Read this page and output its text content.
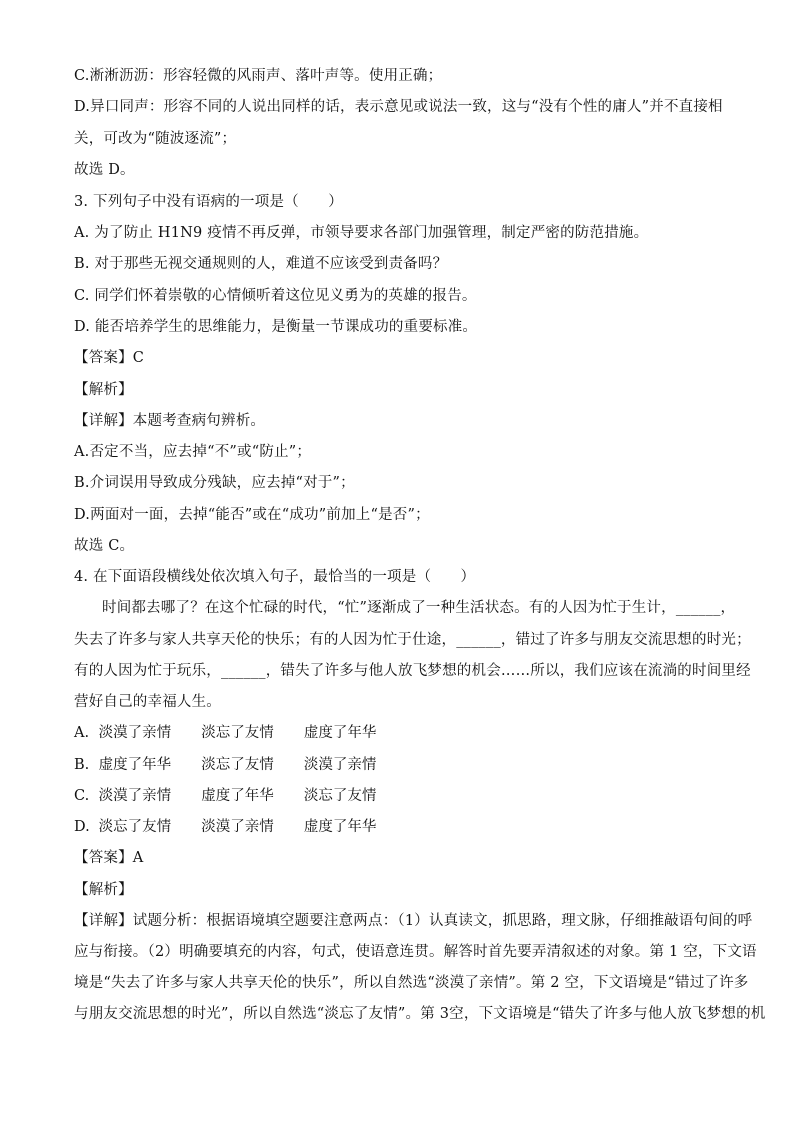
C.淅淅沥沥：形容轻微的风雨声、落叶声等。使用正确；
D.异口同声：形容不同的人说出同样的话，表示意见或说法一致，这与“没有个性的庸人”并不直接相
关，可改为“随波逐流”；
故选 D。
3. 下列句子中没有语病的一项是（　　）
A. 为了防止 H1N9 疫情不再反弹，市领导要求各部门加强管理，制定严密的防范措施。
B. 对于那些无视交通规则的人，难道不应该受到责备吗？
C. 同学们怀着崇敬的心情倾听着这位见义勇为的英雄的报告。
D. 能否培养学生的思维能力，是衡量一节课成功的重要标准。
【答案】C
【解析】
【详解】本题考查病句辨析。
A.否定不当，应去掉“不”或“防止”；
B.介词误用导致成分残缺，应去掉“对于”；
D.两面对一面，去掉“能否”或在“成功”前加上“是否”；
故选 C。
4. 在下面语段横线处依次填入句子，最恰当的一项是（　　）
时间都去哪了？在这个忙碌的时代，“忙”逐渐成了一种生活状态。有的人因为忙于生计，______，
失去了许多与家人共享天伦的快乐；有的人因为忙于仕途，______，错过了许多与朋友交流思想的时光；
有的人因为忙于玩乐，______，错失了许多与他人放飞梦想的机会……所以，我们应该在流淌的时间里经
营好自己的幸福人生。
A. 淡漠了亲情 淡忘了友情 虚度了年华
B. 虚度了年华 淡忘了友情 淡漠了亲情
C. 淡漠了亲情 虚度了年华 淡忘了友情
D. 淡忘了友情 淡漠了亲情 虚度了年华
【答案】A
【解析】
【详解】试题分析：根据语境填空题要注意两点：（1）认真读文，抓思路，理文脉，仔细推敲语句间的呼
应与衔接。（2）明确要填充的内容，句式，使语意连贯。解答时首先要弄清叙述的对象。第 1 空，下文语
境是“失去了许多与家人共享天伦的快乐”，所以自然选“淡漠了亲情”。第 2 空，下文语境是“错过了许多
与朋友交流思想的时光”，所以自然选“淡忘了友情”。第 3空，下文语境是“错失了许多与他人放飞梦想的机
